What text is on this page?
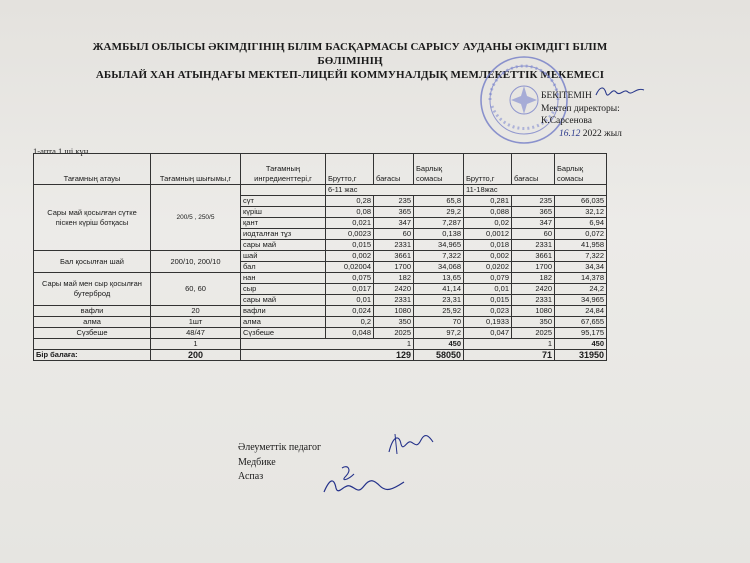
ЖАМБЫЛ ОБЛЫСЫ ӘКІМДІГІНІҢ БІЛІМ БАСҚАРМАСЫ САРЫСУ АУДАНЫ ӘКІМДІГІ БІЛІМ БӨЛІМІНІҢ
АБЫЛАЙ ХАН АТЫНДАҒЫ МЕКТЕП-ЛИЦЕЙІ КОММУНАЛДЫҚ МЕМЛЕКЕТТІК МЕКЕМЕСІ
БЕКІТЕМІН
Мектеп директоры:
К.Сарсенова
16.12 2022 жыл
1-апта 1 ші күн
Тағамның атауы	Тағамның шығымы,г	Тағамның ингредиенттері,г	Брутто,г	бағасы	Барлық сомасы	Брутто,г	бағасы	Барлық сомасы
Сары май қосылған сүтке піскен күріш ботқасы	200/5 , 250/5		6-11 жас			11-18жас		
		сүт	0,28	235	65,8	0,281	235	66,035
		күріш	0,08	365	29,2	0,088	365	32,12
		қант	0,021	347	7,287	0,02	347	6,94
		иодталған тұз	0,0023	60	0,138	0,0012	60	0,072
		сары май	0,015	2331	34,965	0,018	2331	41,958
Бал қосылған шай	200/10, 200/10	шай	0,002	3661	7,322	0,002	3661	7,322
		бал	0,02004	1700	34,068	0,0202	1700	34,34
Сары май мен сыр қосылған бутерброд	60, 60	нан	0,075	182	13,65	0,079	182	14,378
		сыр	0,017	2420	41,14	0,01	2420	24,2
		сары май	0,01	2331	23,31	0,015	2331	34,965
вафли	20	вафли	0,024	1080	25,92	0,023	1080	24,84
алма	1шт	алма	0,2	350	70	0,1933	350	67,655
Сүзбеше	48/47	Сүзбеше	0,048	2025	97,2	0,047	2025	95,175
	1	1			450	1		450
Бір балаға:	200	129			58050	71		31950
Әлеуметтік педагог
Медбике
Аспаз
